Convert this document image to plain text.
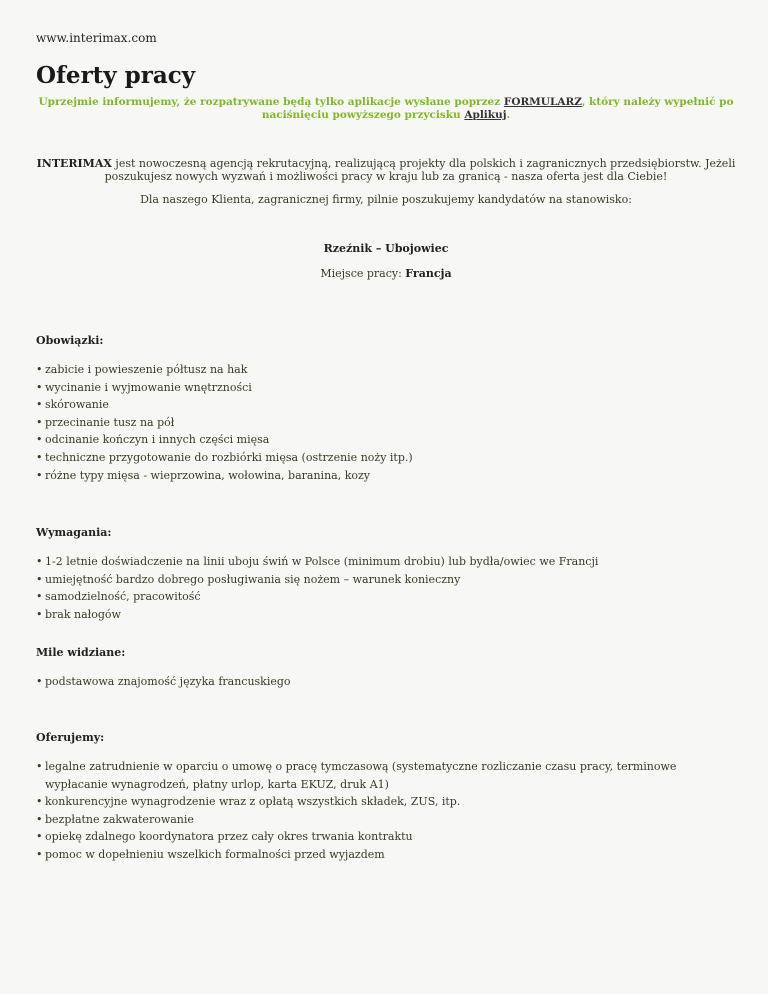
www.interimax.com
Oferty pracy
Uprzejmie informujemy, że rozpatrywane będą tylko aplikacje wysłane poprzez FORMULARZ, który należy wypełnić po naciśnięciu powyższego przycisku Aplikuj.
INTERIMAX jest nowoczesną agencją rekrutacyjną, realizującą projekty dla polskich i zagranicznych przedsiębiorstw. Jeżeli poszukujesz nowych wyzwań i możliwości pracy w kraju lub za granicą - nasza oferta jest dla Ciebie!
Dla naszego Klienta, zagranicznej firmy, pilnie poszukujemy kandydatów na stanowisko:
Rzeźnik – Ubojowiec
Miejsce pracy: Francja
Obowiązki:
• zabicie i powieszenie półtusz na hak
• wycinanie i wyjmowanie wnętrzności
• skórowanie
• przecinanie tusz na pół
• odcinanie kończyn i innych części mięsa
• techniczne przygotowanie do rozbiórki mięsa (ostrzenie noży itp.)
• różne typy mięsa - wieprzowina, wołowina, baranina, kozy
Wymagania:
• 1-2 letnie doświadczenie na linii uboju świń w Polsce (minimum drobiu) lub bydła/owiec we Francji
• umiejętność bardzo dobrego posługiwania się nożem – warunek konieczny
• samodzielność, pracowitość
• brak nałogów
Mile widziane:
• podstawowa znajomość języka francuskiego
Oferujemy:
• legalne zatrudnienie w oparciu o umowę o pracę tymczasową (systematyczne rozliczanie czasu pracy, terminowe wypłacanie wynagrodzeń, płatny urlop, karta EKUZ, druk A1)
• konkurencyjne wynagrodzenie wraz z opłatą wszystkich składek, ZUS, itp.
• bezpłatne zakwaterowanie
• opiekę zdalnego koordynatora przez cały okres trwania kontraktu
• pomoc w dopełnieniu wszelkich formalności przed wyjazdem
